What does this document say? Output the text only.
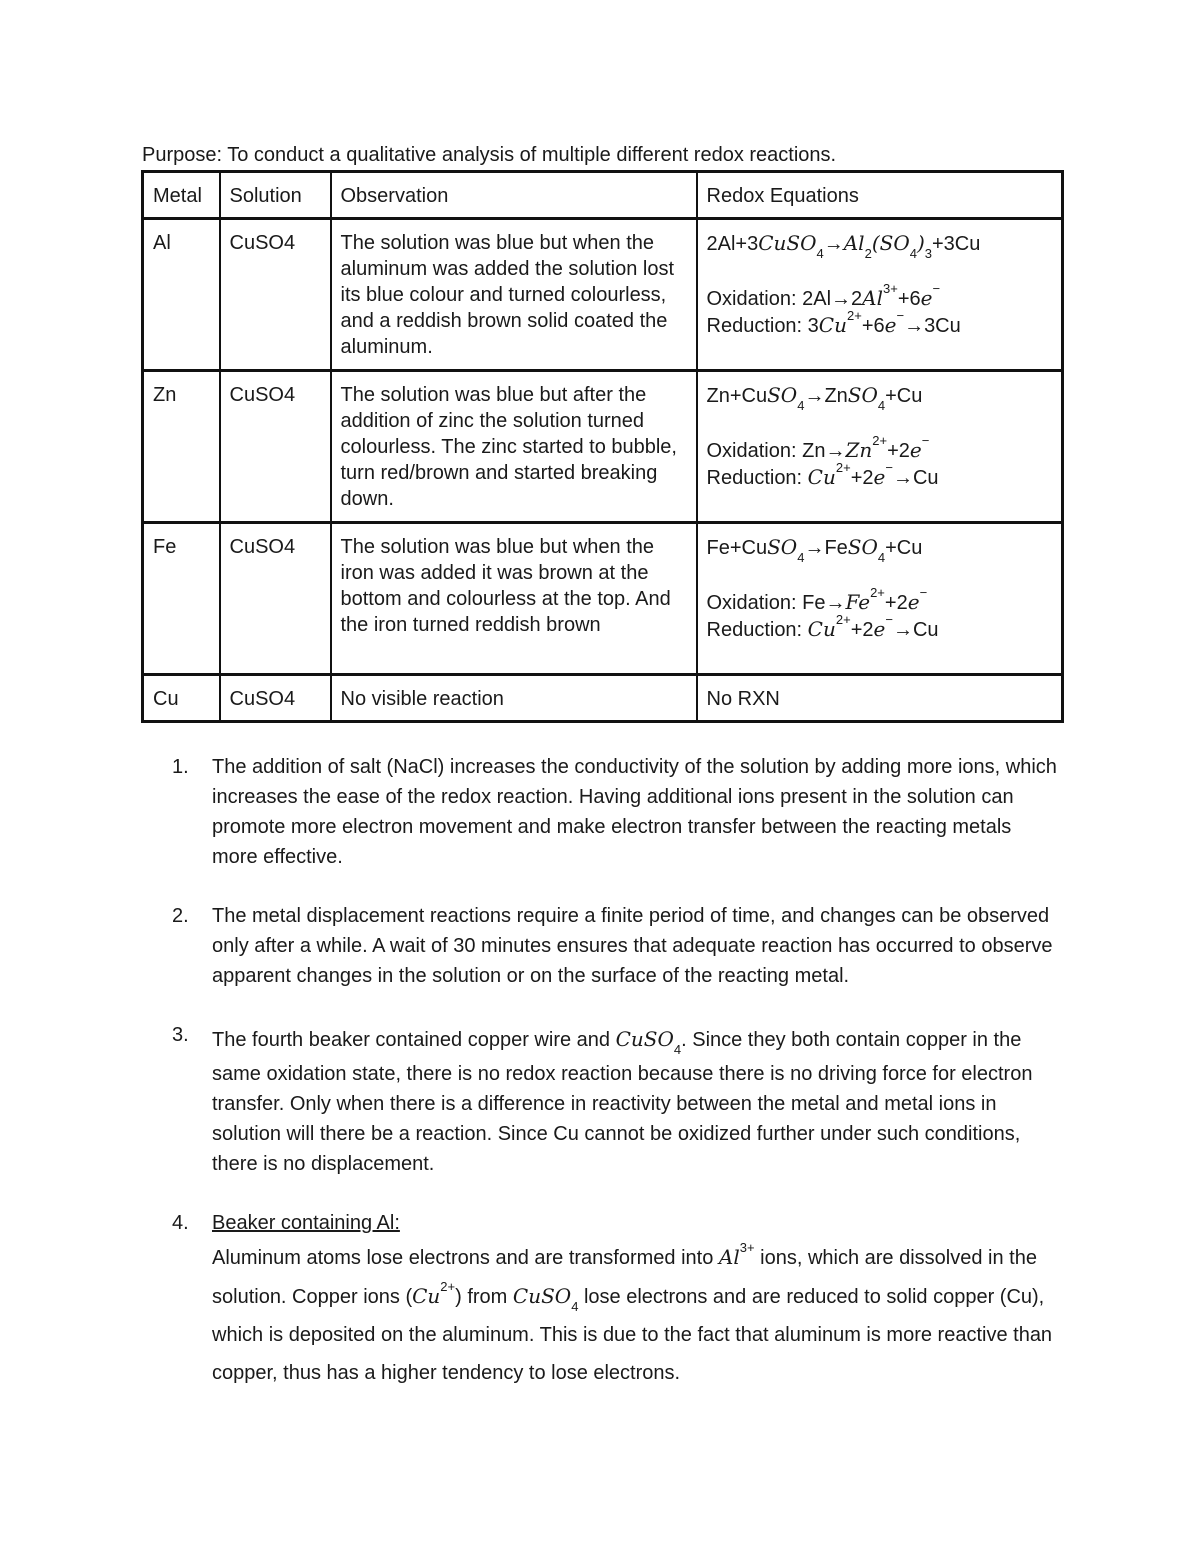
Purpose: To conduct a qualitative analysis of multiple different redox reactions.
Metal	Solution	Observation	Redox Equations
Al	CuSO4	The solution was blue but when the aluminum was added the solution lost its blue colour and turned colourless, and a reddish brown solid coated the aluminum.	$2Al+3CuSO_4\to Al_2(SO_4)_3+3Cu$
Oxidation: $2Al\to 2Al^{3+}+6e^-$
Reduction: $3Cu^{2+}+6e^-\to 3Cu$

Zn	CuSO4	The solution was blue but after the addition of zinc the solution turned colourless. The zinc started to bubble, turn red/brown and started breaking down.	Zn+CuSO$_4$→ZnSO$_4$+Cu
Oxidation: $Zn\to Zn^{2+}+2e^-$
Reduction: $Cu^{2+}+2e^-\to Cu$

Fe	CuSO4	The solution was blue but when the iron was added it was brown at the bottom and colourless at the top. And the iron turned reddish brown	Fe+CuSO$_4$→FeSO$_4$+Cu
Oxidation: $Fe\to Fe^{2+}+2e^-$
Reduction: $Cu^{2+}+2e^-\to Cu$

Cu	CuSO4	No visible reaction	No RXN
1. The addition of salt (NaCl) increases the conductivity of the solution by adding more ions, which increases the ease of the redox reaction. Having additional ions present in the solution can promote more electron movement and make electron transfer between the reacting metals more effective.

2. The metal displacement reactions require a finite period of time, and changes can be observed only after a while. A wait of 30 minutes ensures that adequate reaction has occurred to observe apparent changes in the solution or on the surface of the reacting metal.

3. The fourth beaker contained copper wire and CuSO$_4$. Since they both contain copper in the same oxidation state, there is no redox reaction because there is no driving force for electron transfer. Only when there is a difference in reactivity between the metal and metal ions in solution will there be a reaction. Since Cu cannot be oxidized further under such conditions, there is no displacement.

4. Beaker containing Al:

Aluminum atoms lose electrons and are transformed into $Al^{3+}$ ions, which are dissolved in the solution. Copper ions $(Cu^{2+})$ from CuSO$_4$ lose electrons and are reduced to solid copper (Cu), which is deposited on the aluminum. This is due to the fact that aluminum is more reactive than copper, thus has a higher tendency to lose electrons.
